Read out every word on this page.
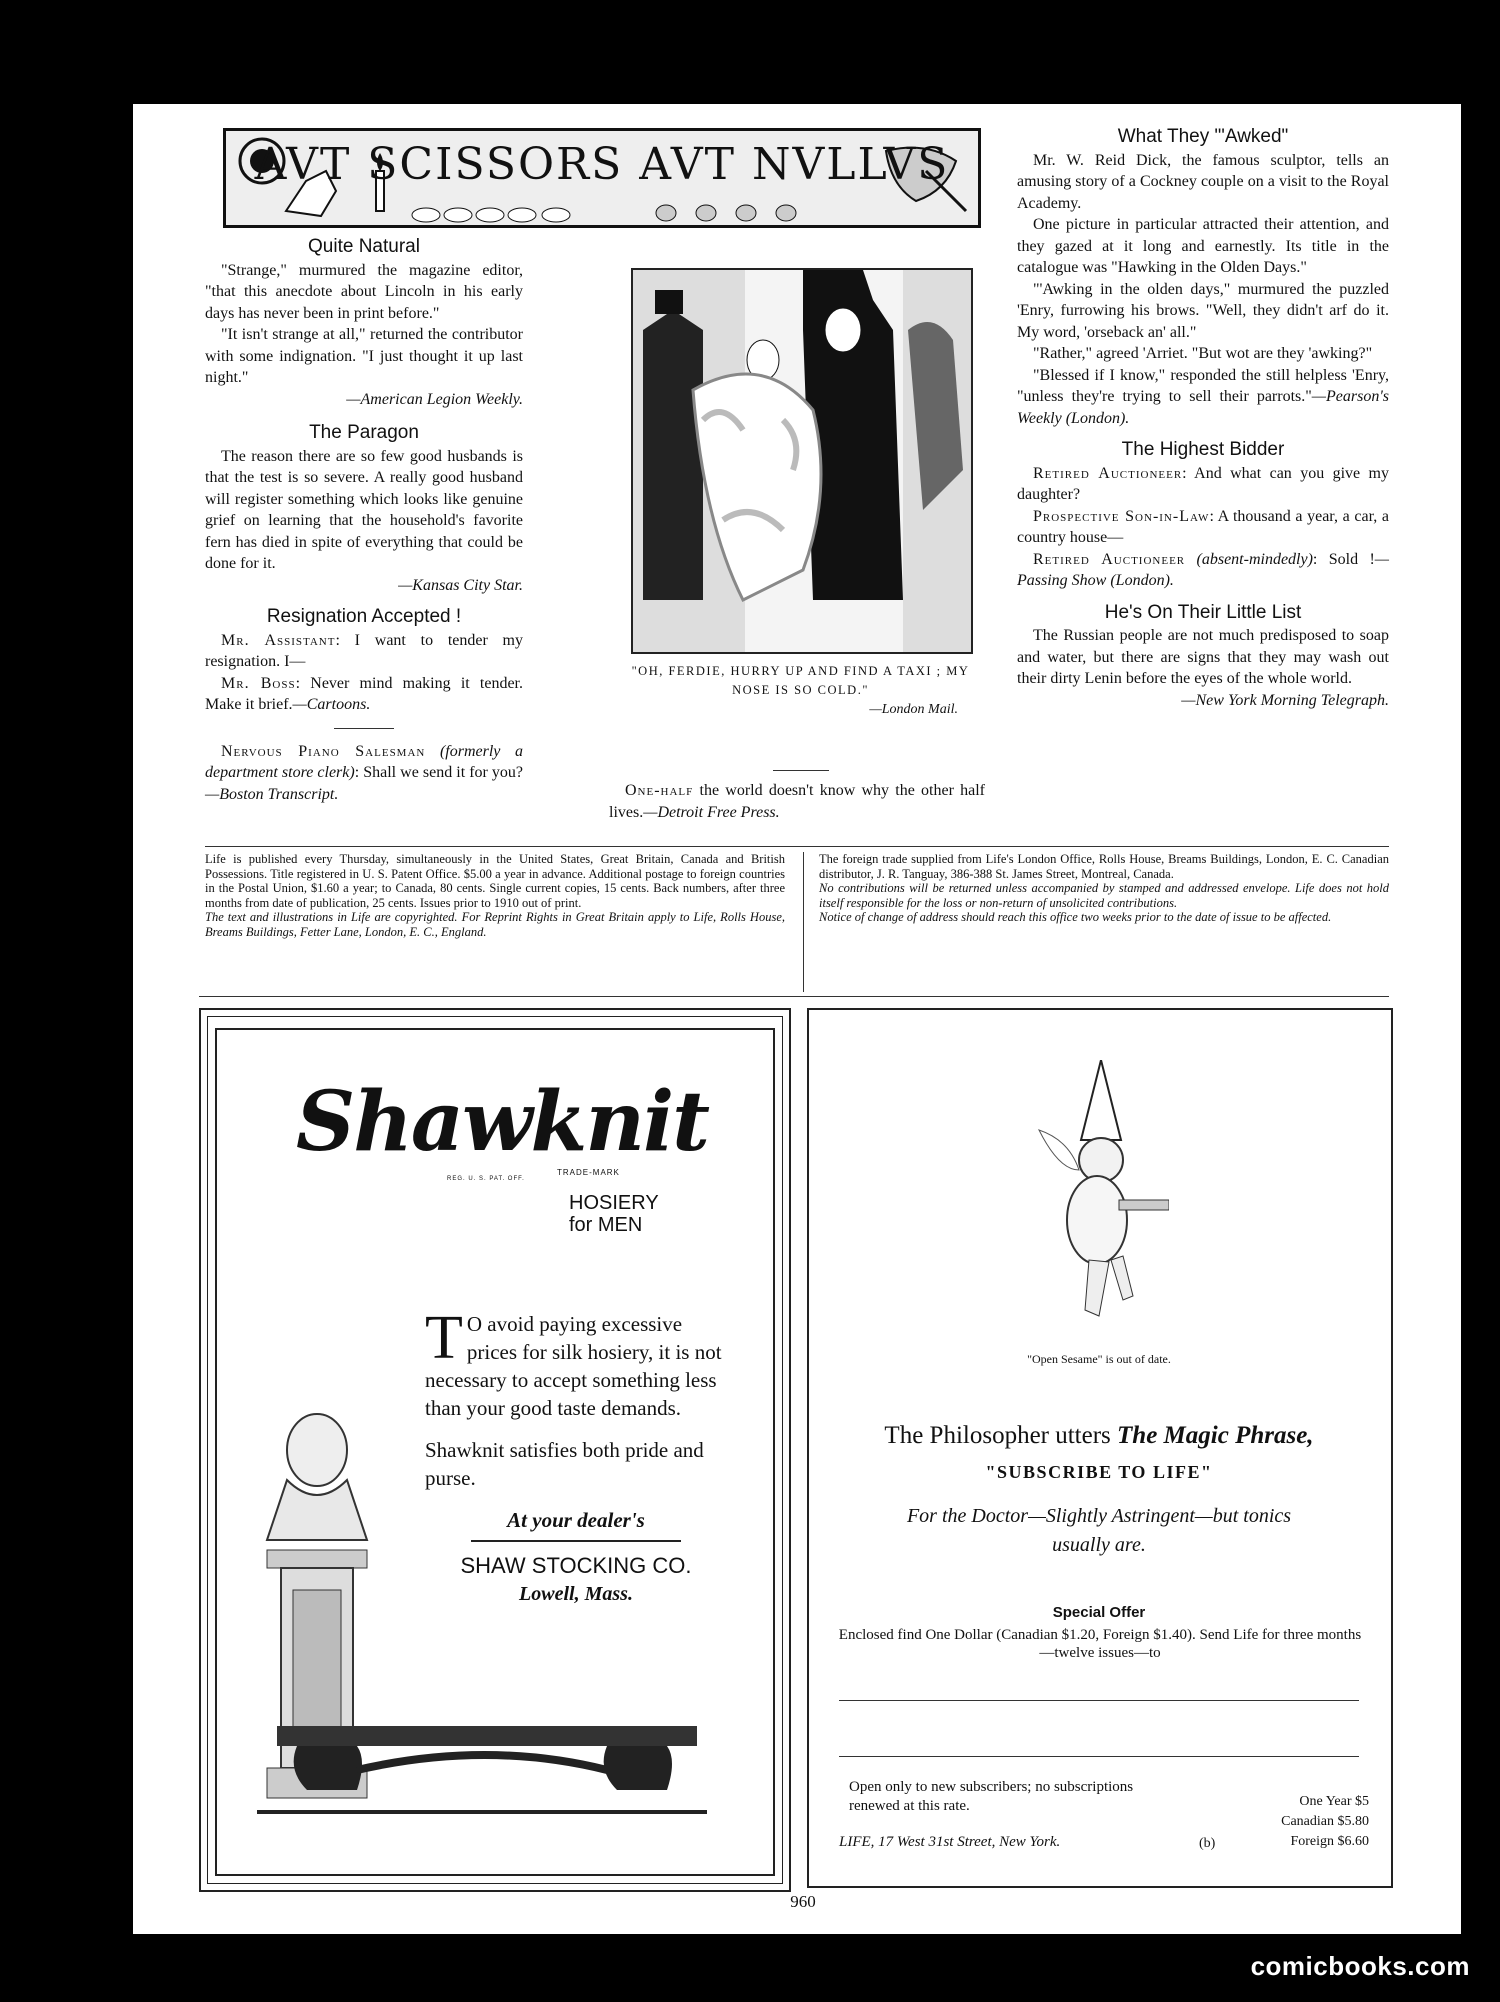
AVT SCISSORS AVT NVLLVS
Quite Natural

"Strange," murmured the magazine editor, "that this anecdote about Lincoln in his early days has never been in print before."

"It isn't strange at all," returned the contributor with some indignation. "I just thought it up last night."

—American Legion Weekly.

The Paragon

The reason there are so few good husbands is that the test is so severe. A really good husband will register something which looks like genuine grief on learning that the household's favorite fern has died in spite of everything that could be done for it.

—Kansas City Star.

Resignation Accepted !

Mr. Assistant: I want to tender my resignation. I—

Mr. Boss: Never mind making it tender. Make it brief.—Cartoons.

Nervous Piano Salesman (formerly a department store clerk): Shall we send it for you?—Boston Transcript.

"OH, FERDIE, HURRY UP AND FIND A TAXI ; MY NOSE IS SO COLD."
—London Mail.

One-half the world doesn't know why the other half lives.—Detroit Free Press.

What They "'Awked"

Mr. W. Reid Dick, the famous sculptor, tells an amusing story of a Cockney couple on a visit to the Royal Academy.

One picture in particular attracted their attention, and they gazed at it long and earnestly. Its title in the catalogue was "Hawking in the Olden Days."

"'Awking in the olden days," murmured the puzzled 'Enry, furrowing his brows. "Well, they didn't arf do it. My word, 'orseback an' all."

"Rather," agreed 'Arriet. "But wot are they 'awking?"

"Blessed if I know," responded the still helpless 'Enry, "unless they're trying to sell their parrots."—Pearson's Weekly (London).

The Highest Bidder

Retired Auctioneer: And what can you give my daughter?

Prospective Son-in-Law: A thousand a year, a car, a country house—

Retired Auctioneer (absent-mindedly): Sold !—Passing Show (London).

He's On Their Little List

The Russian people are not much predisposed to soap and water, but there are signs that they may wash out their dirty Lenin before the eyes of the whole world.

—New York Morning Telegraph.

Life is published every Thursday, simultaneously in the United States, Great Britain, Canada and British Possessions. Title registered in U. S. Patent Office. $5.00 a year in advance. Additional postage to foreign countries in the Postal Union, $1.60 a year; to Canada, 80 cents. Single current copies, 15 cents. Back numbers, after three months from date of publication, 25 cents. Issues prior to 1910 out of print.

The text and illustrations in Life are copyrighted. For Reprint Rights in Great Britain apply to Life, Rolls House, Breams Buildings, Fetter Lane, London, E. C., England.

The foreign trade supplied from Life's London Office, Rolls House, Breams Buildings, London, E. C. Canadian distributor, J. R. Tanguay, 386-388 St. James Street, Montreal, Canada.

No contributions will be returned unless accompanied by stamped and addressed envelope. Life does not hold itself responsible for the loss or non-return of unsolicited contributions.

Notice of change of address should reach this office two weeks prior to the date of issue to be affected.

Shawknit
TRADE-MARK
REG. U. S. PAT. OFF.
HOSIERY
for MEN
T O avoid paying excessive prices for silk hosiery, it is not necessary to accept something less than your good taste demands.
Shawknit satisfies both pride and purse.
At your dealer's
SHAW STOCKING CO.
Lowell, Mass.
"Open Sesame" is out of date.
The Philosopher utters The Magic Phrase,
"SUBSCRIBE TO LIFE"
For the Doctor—Slightly Astringent—but tonics usually are.
Special Offer
Enclosed find One Dollar (Canadian $1.20, Foreign $1.40). Send Life for three months—twelve issues—to
Open only to new subscribers; no subscriptions renewed at this rate.
LIFE, 17 West 31st Street, New York.	(b)
One Year $5
Canadian $5.80
Foreign $6.60
960
comicbooks.com
